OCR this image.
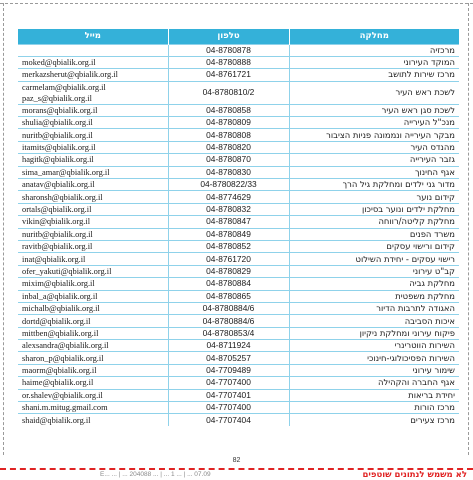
מייל	טלפון	מחלקה
	04-8780878	מרכזיה
moked@qbialik.org.il	04-8780888	המוקד העירוני
merkazsherut@qbialik.org.il	04-8761721	מרכז שירות לתושב

carmelam@qbialik.org.il
paz_s@qbialik.org.il	04-8780810/2	לשכת ראש העיר
morans@qbialik.org.il	04-8780858	לשכת סגן ראש העיר
shulia@qbialik.org.il	04-8780809	מנכ"ל העירייה
nuritb@qbialik.org.il	04-8780808	מבקר העירייה ונממונה פניות הציבור
itamits@qbialik.org.il	04-8780820	מהנדס העיר
hagitk@qbialik.org.il	04-8780870	גזבר העירייה
sima_amar@qbialik.org.il	04-8780830	אגף החינוך
anatav@qbialik.org.il	04-8780822/33	מדור גני ילדים ומחלקת גיל הרך
sharonsh@qbialik.org.il	04-8774629	קידום נוער
ortals@qbialik.org.il	04-8780832	מחלקת ילדים ונוער בסיכון
vikin@qbialik.org.il	04-8780847	מחלקת קליטה/רווחה
nuritb@qbialik.org.il	04-8780849	משרד הפנים
ravitb@qbialik.org.il	04-8780852	קידום ורישוי עסקים
inat@qbialik.org.il	04-8761720	רישוי עסקים - יחידת השילוט
ofer_yakuti@qbialik.org.il	04-8780829	קב"ט עירוני
mixim@qbialik.org.il	04-8780884	מחלקת גביה
inbal_a@qbialik.org.il	04-8780865	מחלקת משפטית
michalb@qbialik.org.il	04-8780884/6	האגודה לתרבות הדיור
dortd@qbialik.org.il	04-8780884/6	איכות הסביבה
mittben@qbialik.org.il	04-8780853/4	פיקוח עירוני ומחלקת ניקיון
alexsandra@qbialik.org.il	04-8711924	השירות הווטרינרי
sharon_p@qbialik.org.il	04-8705257	השירות הפסיכולוגי-חינוכי
maorm@qbialik.org.il	04-7709489	שימור עירוני
haime@qbialik.org.il	04-7707400	אגף החברה והקהילה
or.shalev@qbialik.org.il	04-7707401	יחידת בריאות
shani.m.mitug.gmail.com	04-7707400	מרכז הורות
shaid@qbialik.org.il	04-7707404	מרכז צעירים
82
E... ... | ... 204088 ... | ... 1 ... | ... 07.09	לא משמש לנתונים שוטפים
